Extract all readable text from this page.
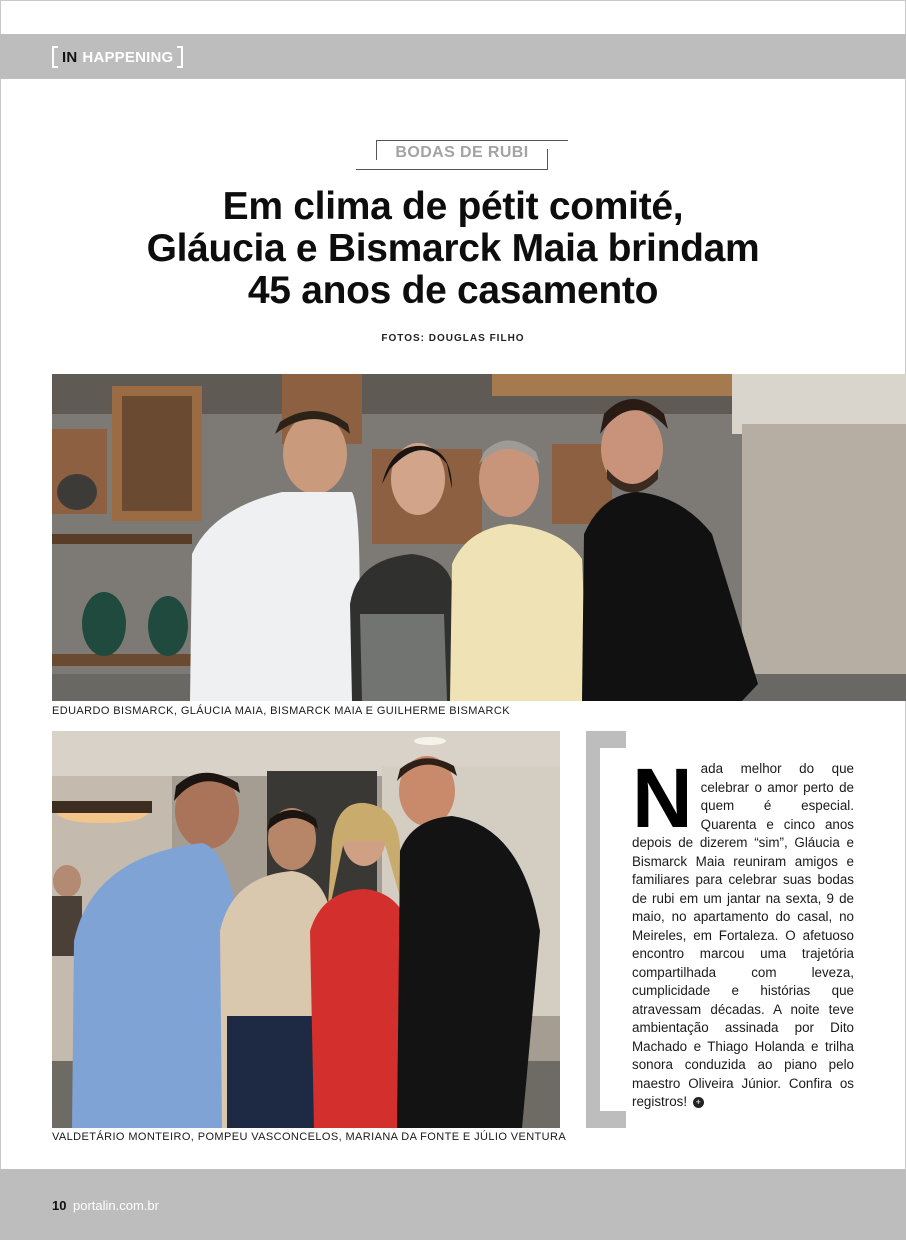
IN HAPPENING
BODAS DE RUBI
Em clima de pétit comité,
Gláucia e Bismarck Maia brindam
45 anos de casamento
FOTOS: DOUGLAS FILHO
EDUARDO BISMARCK, GLÁUCIA MAIA, BISMARCK MAIA E GUILHERME BISMARCK
VALDETÁRIO MONTEIRO, POMPEU VASCONCELOS, MARIANA DA FONTE E JÚLIO VENTURA
Nada melhor do que celebrar o amor perto de quem é especial. Quarenta e cinco anos depois de dizerem “sim”, Gláucia e Bismarck Maia reuniram amigos e familiares para celebrar suas bodas de rubi em um jantar na sexta, 9 de maio, no apartamento do casal, no Meireles, em Fortaleza. O afetuoso encontro marcou uma trajetória compartilhada com leveza, cumplicidade e histórias que atravessam décadas. A noite teve ambientação assinada por Dito Machado e Thiago Holanda e trilha sonora conduzida ao piano pelo maestro Oliveira Júnior. Confira os registros! +
10 portalin.com.br
